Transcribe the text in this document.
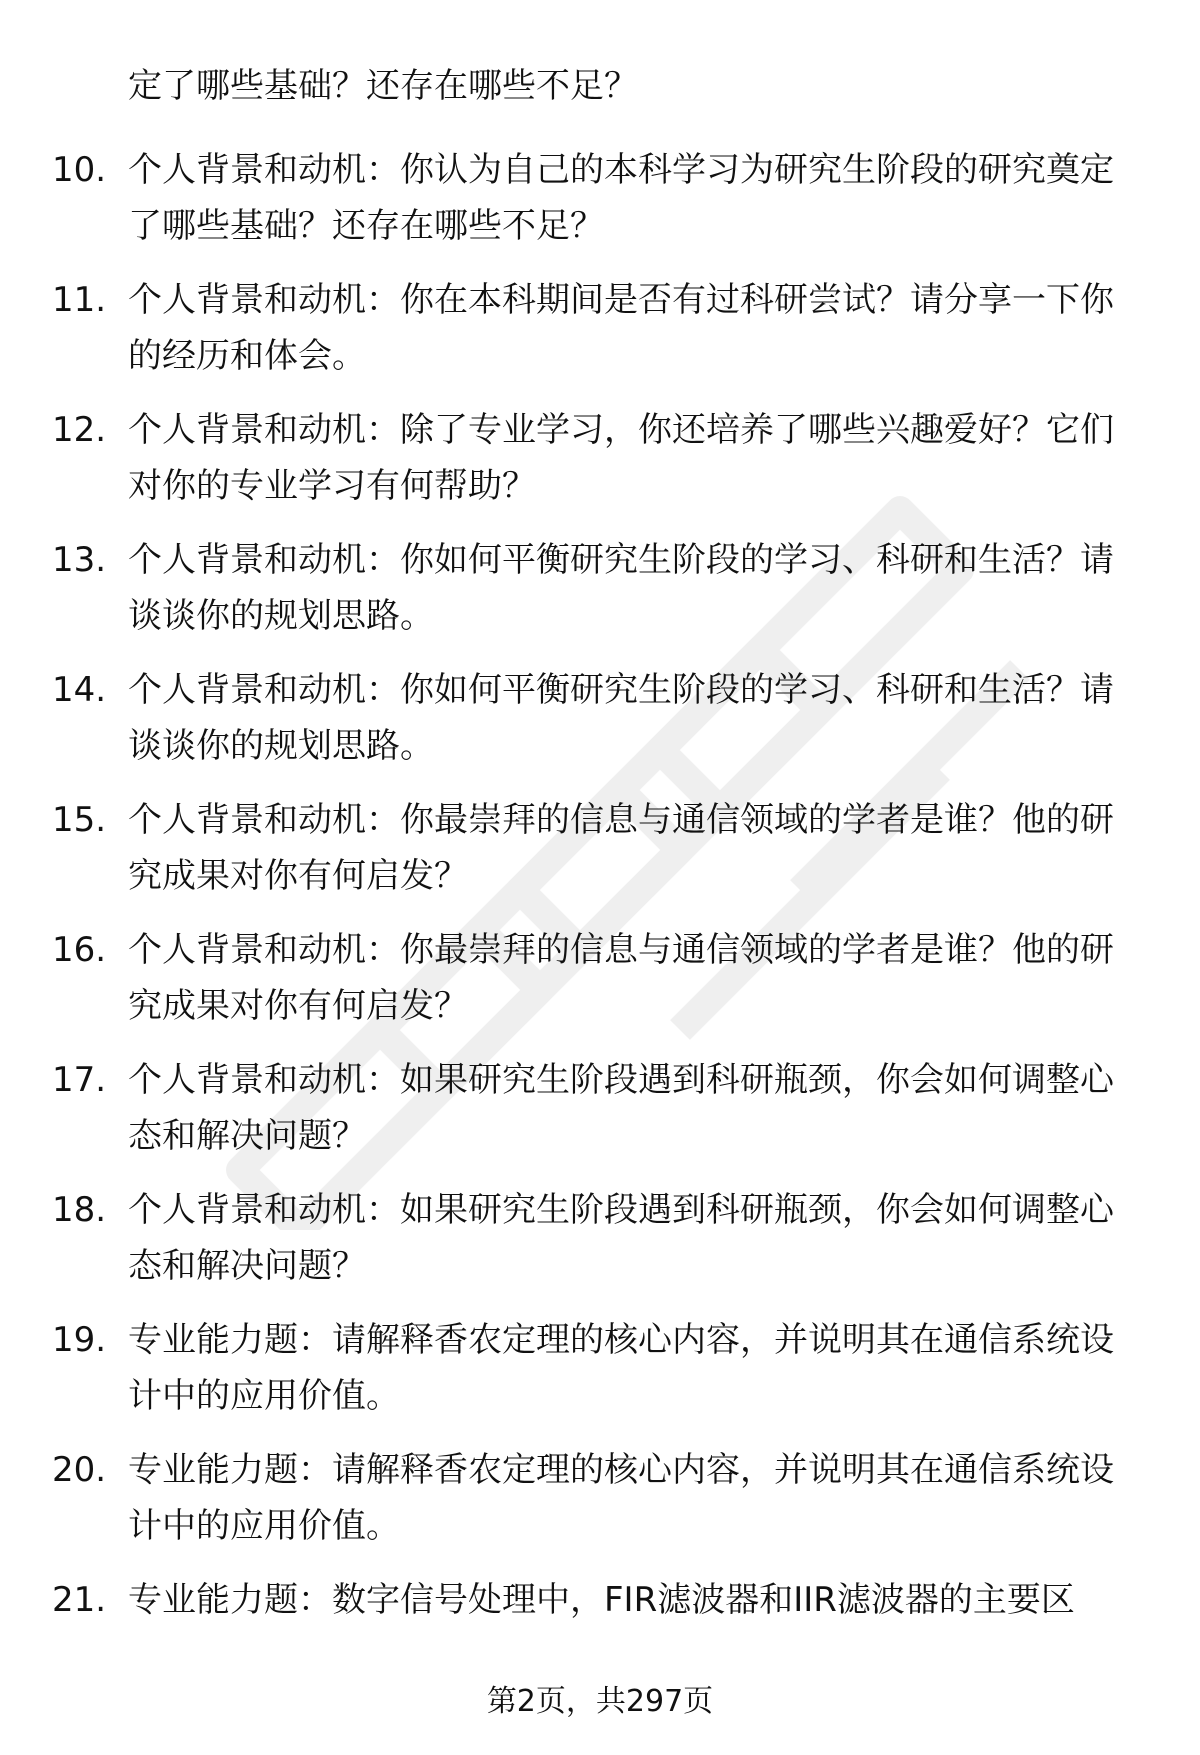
定了哪些基础？还存在哪些不足？
10. 个人背景和动机：你认为自己的本科学习为研究生阶段的研究奠定了哪些基础？还存在哪些不足？
11. 个人背景和动机：你在本科期间是否有过科研尝试？请分享一下你的经历和体会。
12. 个人背景和动机：除了专业学习，你还培养了哪些兴趣爱好？它们对你的专业学习有何帮助？
13. 个人背景和动机：你如何平衡研究生阶段的学习、科研和生活？请谈谈你的规划思路。
14. 个人背景和动机：你如何平衡研究生阶段的学习、科研和生活？请谈谈你的规划思路。
15. 个人背景和动机：你最崇拜的信息与通信领域的学者是谁？他的研究成果对你有何启发？
16. 个人背景和动机：你最崇拜的信息与通信领域的学者是谁？他的研究成果对你有何启发？
17. 个人背景和动机：如果研究生阶段遇到科研瓶颈，你会如何调整心态和解决问题？
18. 个人背景和动机：如果研究生阶段遇到科研瓶颈，你会如何调整心态和解决问题？
19. 专业能力题：请解释香农定理的核心内容，并说明其在通信系统设计中的应用价值。
20. 专业能力题：请解释香农定理的核心内容，并说明其在通信系统设计中的应用价值。
21. 专业能力题：数字信号处理中，FIR滤波器和IIR滤波器的主要区
第2页，共297页
